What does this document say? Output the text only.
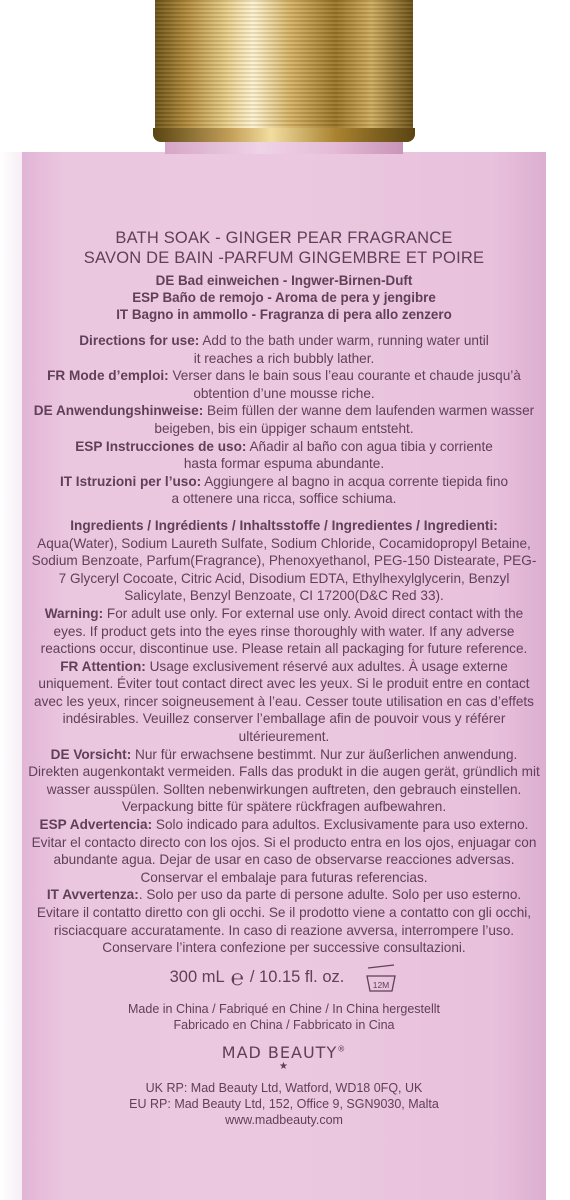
BATH SOAK - GINGER PEAR FRAGRANCE

SAVON DE BAIN -PARFUM GINGEMBRE ET POIRE

DE Bad einweichen - Ingwer-Birnen-Duft

ESP Baño de remojo - Aroma de pera y jengibre

IT Bagno in ammollo - Fragranza di pera allo zenzero

Directions for use: Add to the bath under warm, running water until it reaches a rich bubbly lather.

FR Mode d’emploi: Verser dans le bain sous l’eau courante et chaude jusqu’à obtention d’une mousse riche.

DE Anwendungshinweise: Beim füllen der wanne dem laufenden warmen wasser beigeben, bis ein üppiger schaum entsteht.

ESP Instrucciones de uso: Añadir al baño con agua tibia y corriente hasta formar espuma abundante.

IT Istruzioni per l’uso: Aggiungere al bagno in acqua corrente tiepida fino a ottenere una ricca, soffice schiuma.

Ingredients / Ingrédients / Inhaltsstoffe / Ingredientes / Ingredienti:

Aqua(Water), Sodium Laureth Sulfate, Sodium Chloride, Cocamidopropyl Betaine, Sodium Benzoate, Parfum(Fragrance), Phenoxyethanol, PEG-150 Distearate, PEG-7 Glyceryl Cocoate, Citric Acid, Disodium EDTA, Ethylhexylglycerin, Benzyl Salicylate, Benzyl Benzoate, CI 17200(D&C Red 33).

Warning: For adult use only. For external use only. Avoid direct contact with the eyes. If product gets into the eyes rinse thoroughly with water. If any adverse reactions occur, discontinue use. Please retain all packaging for future reference.

FR Attention: Usage exclusivement réservé aux adultes. À usage externe uniquement. Éviter tout contact direct avec les yeux. Si le produit entre en contact avec les yeux, rincer soigneusement à l’eau. Cesser toute utilisation en cas d’effets indésirables. Veuillez conserver l’emballage afin de pouvoir vous y référer ultérieurement.

DE Vorsicht: Nur für erwachsene bestimmt. Nur zur äußerlichen anwendung. Direkten augenkontakt vermeiden. Falls das produkt in die augen gerät, gründlich mit wasser ausspülen. Sollten nebenwirkungen auftreten, den gebrauch einstellen. Verpackung bitte für spätere rückfragen aufbewahren.

ESP Advertencia: Solo indicado para adultos. Exclusivamente para uso externo. Evitar el contacto directo con los ojos. Si el producto entra en los ojos, enjuagar con abundante agua. Dejar de usar en caso de observarse reacciones adversas. Conservar el embalaje para futuras referencias.

IT Avvertenza:. Solo per uso da parte di persone adulte. Solo per uso esterno. Evitare il contatto diretto con gli occhi. Se il prodotto viene a contatto con gli occhi, risciacquare accuratamente. In caso di reazione avversa, interrompere l’uso. Conservare l’intera confezione per successive consultazioni.

300 mL ℮ / 10.15 fl. oz.	12M

Made in China / Fabriqué en Chine / In China hergestellt

Fabricado en China / Fabbricato in Cina

MAD BEAUTY®
★

UK RP: Mad Beauty Ltd, Watford, WD18 0FQ, UK

EU RP: Mad Beauty Ltd, 152, Office 9, SGN9030, Malta

www.madbeauty.com
